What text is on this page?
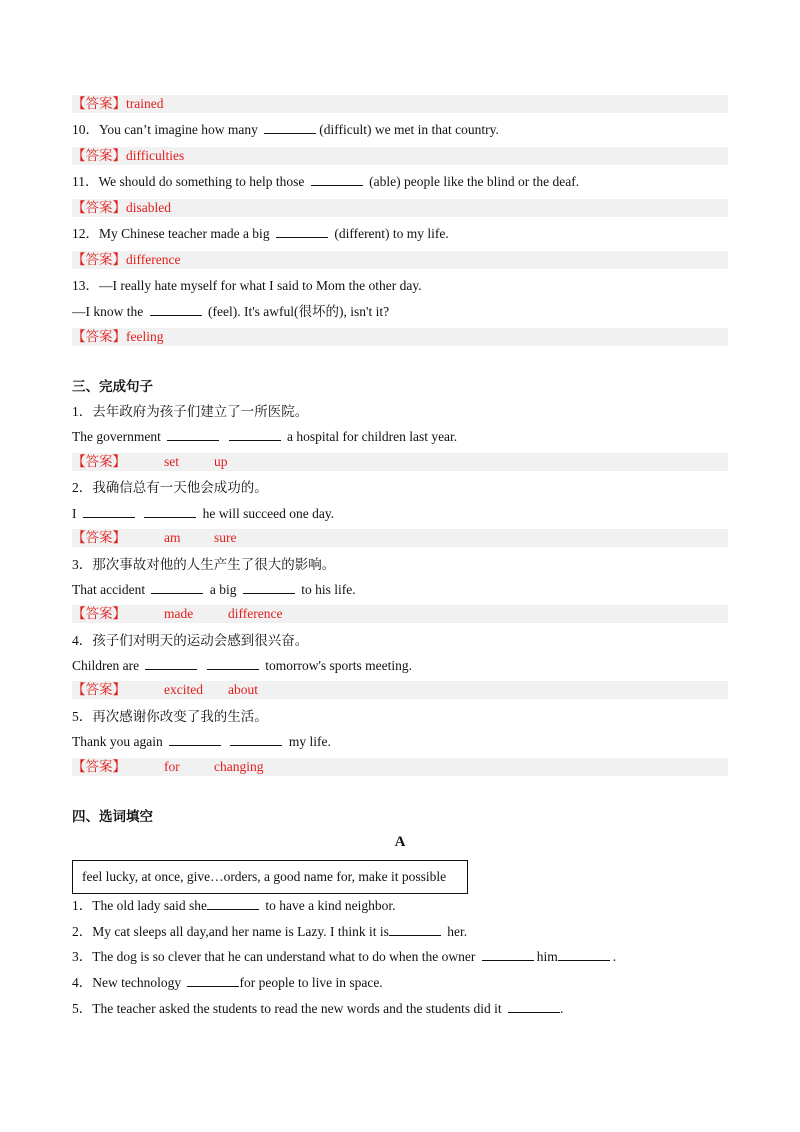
【答案】trained
10．You can’t imagine how many	(difficult) we met in that country.
【答案】difficulties
11．We should do something to help those	(able) people like the blind or the deaf.
【答案】disabled
12．My Chinese teacher made a big	(different) to my life.
【答案】difference
13．—I really hate myself for what I said to Mom the other day.
—I know the	(feel). It's awful(很坏的), isn't it?
【答案】feeling
三、完成句子
1．去年政府为孩子们建立了一所医院。
The government	a hospital for children last year.
【答案】	set	up
2．我确信总有一天他会成功的。
I	he will succeed one day.
【答案】	am sure
3．那次事故对他的人生产生了很大的影响。
That accident	a big	to his life.
【答案】	made	difference
4．孩子们对明天的运动会感到很兴奋。
Children are	tomorrow's sports meeting.
【答案】	excited about
5．再次感谢你改变了我的生活。
Thank you again	my life.
【答案】	for	changing
四、选词填空
A
feel lucky, at once, give…orders, a good name for, make it possible
1．The old lady said she	to have a kind neighbor.
2．My cat sleeps all day,and her name is Lazy. I think it is	her.
3．The dog is so clever that he can understand what to do when the owner	him	.
4．New technology	for people to live in space.
5．The teacher asked the students to read the new words and the students did it	.
